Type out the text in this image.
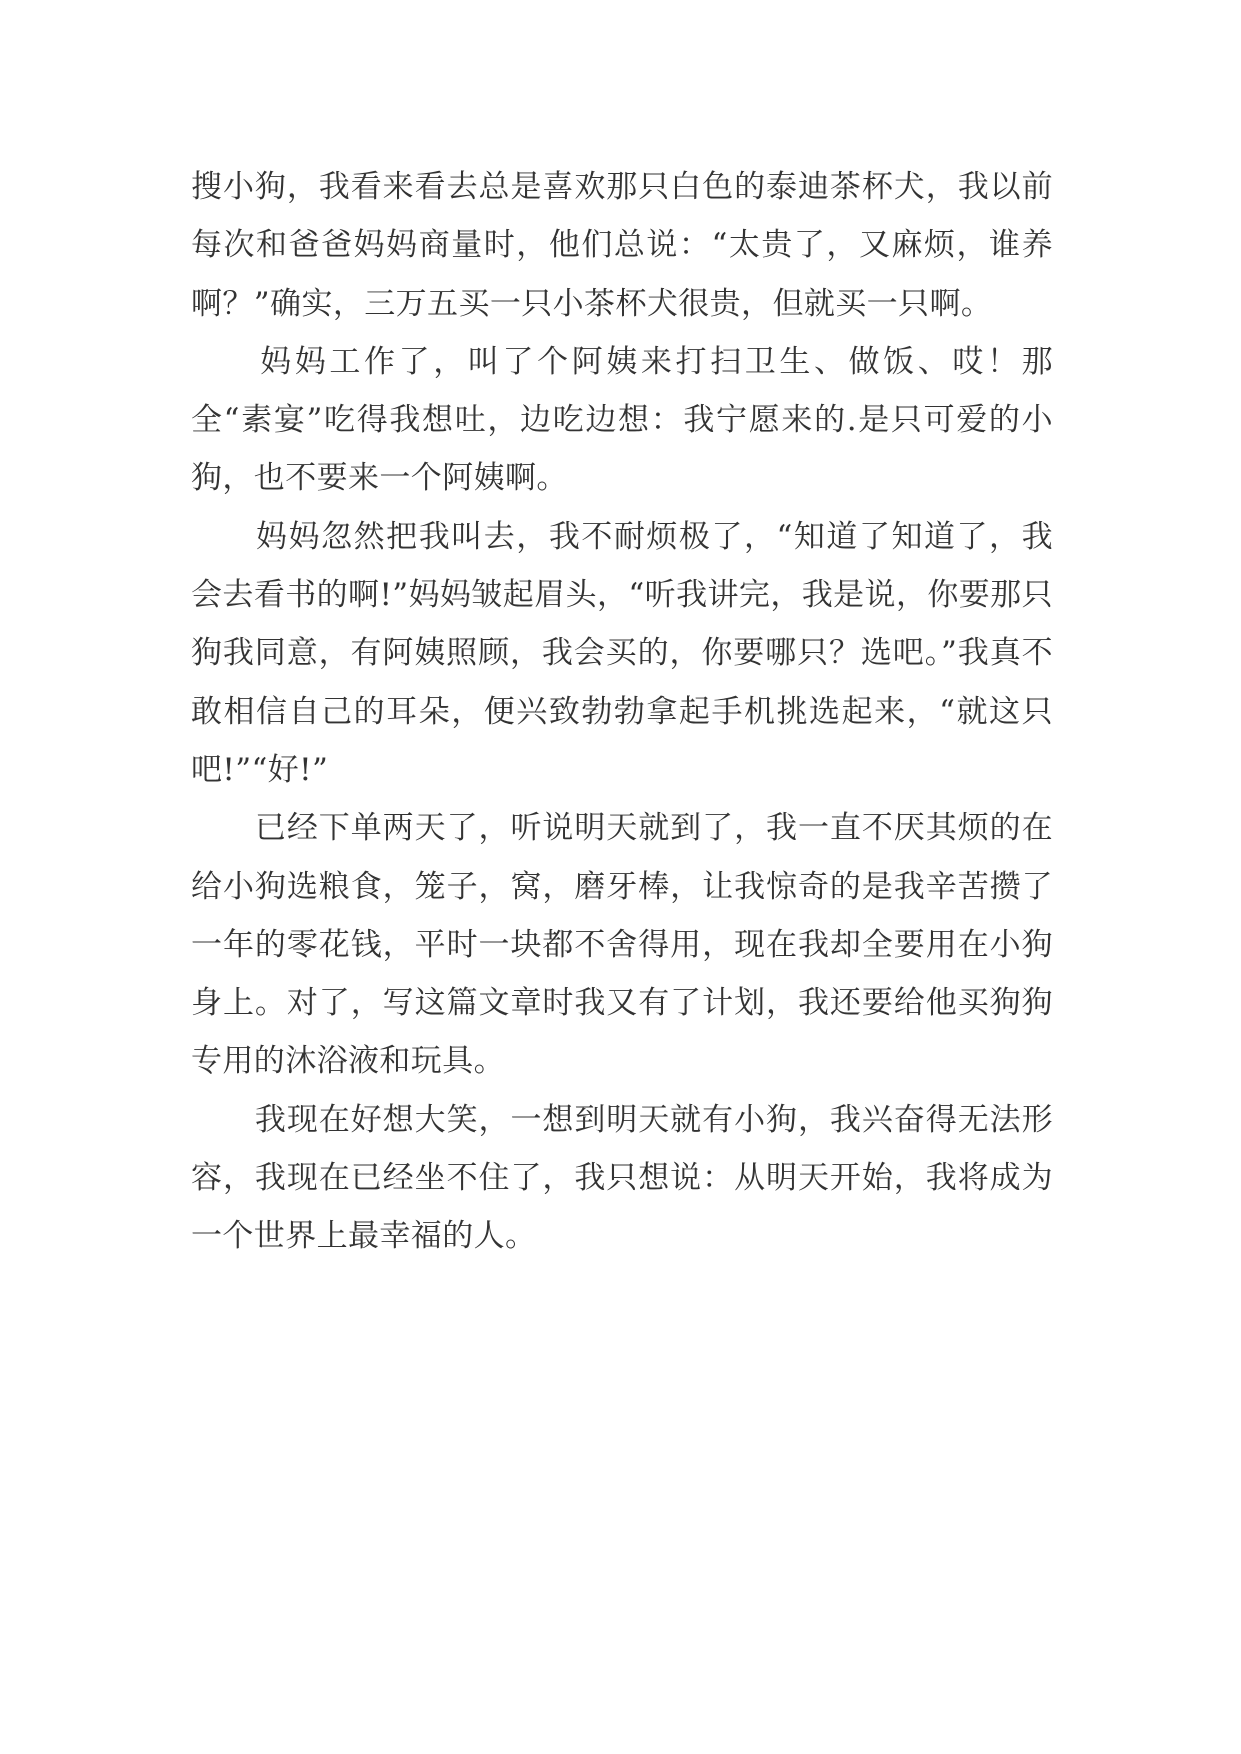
搜小狗，我看来看去总是喜欢那只白色的泰迪茶杯犬，我以前每次和爸爸妈妈商量时，他们总说：“太贵了，又麻烦，谁养啊？”确实，三万五买一只小茶杯犬很贵，但就买一只啊。

　　妈妈工作了，叫了个阿姨来打扫卫生、做饭、哎！那全“素宴”吃得我想吐，边吃边想：我宁愿来的.是只可爱的小狗，也不要来一个阿姨啊。

　　妈妈忽然把我叫去，我不耐烦极了，“知道了知道了，我会去看书的啊!”妈妈皱起眉头，“听我讲完，我是说，你要那只狗我同意，有阿姨照顾，我会买的，你要哪只？选吧。”我真不敢相信自己的耳朵，便兴致勃勃拿起手机挑选起来，“就这只吧!”“好!”

　　已经下单两天了，听说明天就到了，我一直不厌其烦的在给小狗选粮食，笼子，窝，磨牙棒，让我惊奇的是我辛苦攒了一年的零花钱，平时一块都不舍得用，现在我却全要用在小狗身上。对了，写这篇文章时我又有了计划，我还要给他买狗狗专用的沐浴液和玩具。

　　我现在好想大笑，一想到明天就有小狗，我兴奋得无法形容，我现在已经坐不住了，我只想说：从明天开始，我将成为一个世界上最幸福的人。
